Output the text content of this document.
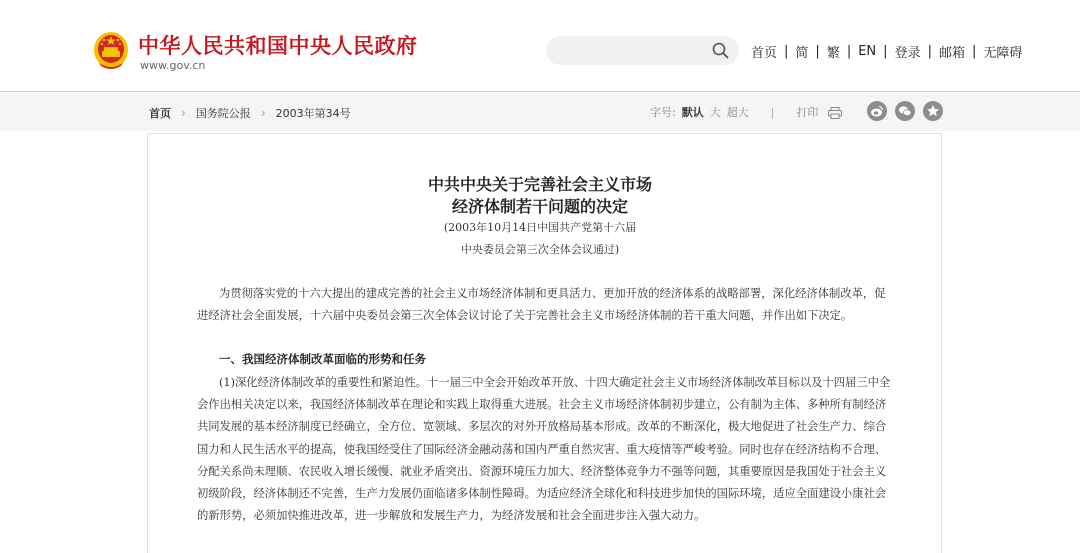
中华人民共和国中央人民政府
www.gov.cn
首页 | 简 | 繁 | EN | 登录 | 邮箱 | 无障碍
首页 › 国务院公报 › 2003年第34号	字号: 默认 大 超大 | 打印
中共中央关于完善社会主义市场
经济体制若干问题的决定
(2003年10月14日中国共产党第十六届
中央委员会第三次全体会议通过)
为贯彻落实党的十六大提出的建成完善的社会主义市场经济体制和更具活力、更加开放的经济体系的战略部署，深化经济体制改革，促进经济社会全面发展，十六届中央委员会第三次全体会议讨论了关于完善社会主义市场经济体制的若干重大问题，并作出如下决定。
一、我国经济体制改革面临的形势和任务
(1)深化经济体制改革的重要性和紧迫性。十一届三中全会开始改革开放、十四大确定社会主义市场经济体制改革目标以及十四届三中全会作出相关决定以来，我国经济体制改革在理论和实践上取得重大进展。社会主义市场经济体制初步建立，公有制为主体、多种所有制经济共同发展的基本经济制度已经确立，全方位、宽领域、多层次的对外开放格局基本形成。改革的不断深化，极大地促进了社会生产力、综合国力和人民生活水平的提高，使我国经受住了国际经济金融动荡和国内严重自然灾害、重大疫情等严峻考验。同时也存在经济结构不合理、分配关系尚未理顺、农民收入增长缓慢、就业矛盾突出、资源环境压力加大、经济整体竞争力不强等问题，其重要原因是我国处于社会主义初级阶段，经济体制还不完善，生产力发展仍面临诸多体制性障碍。为适应经济全球化和科技进步加快的国际环境，适应全面建设小康社会的新形势，必须加快推进改革，进一步解放和发展生产力，为经济发展和社会全面进步注入强大动力。
